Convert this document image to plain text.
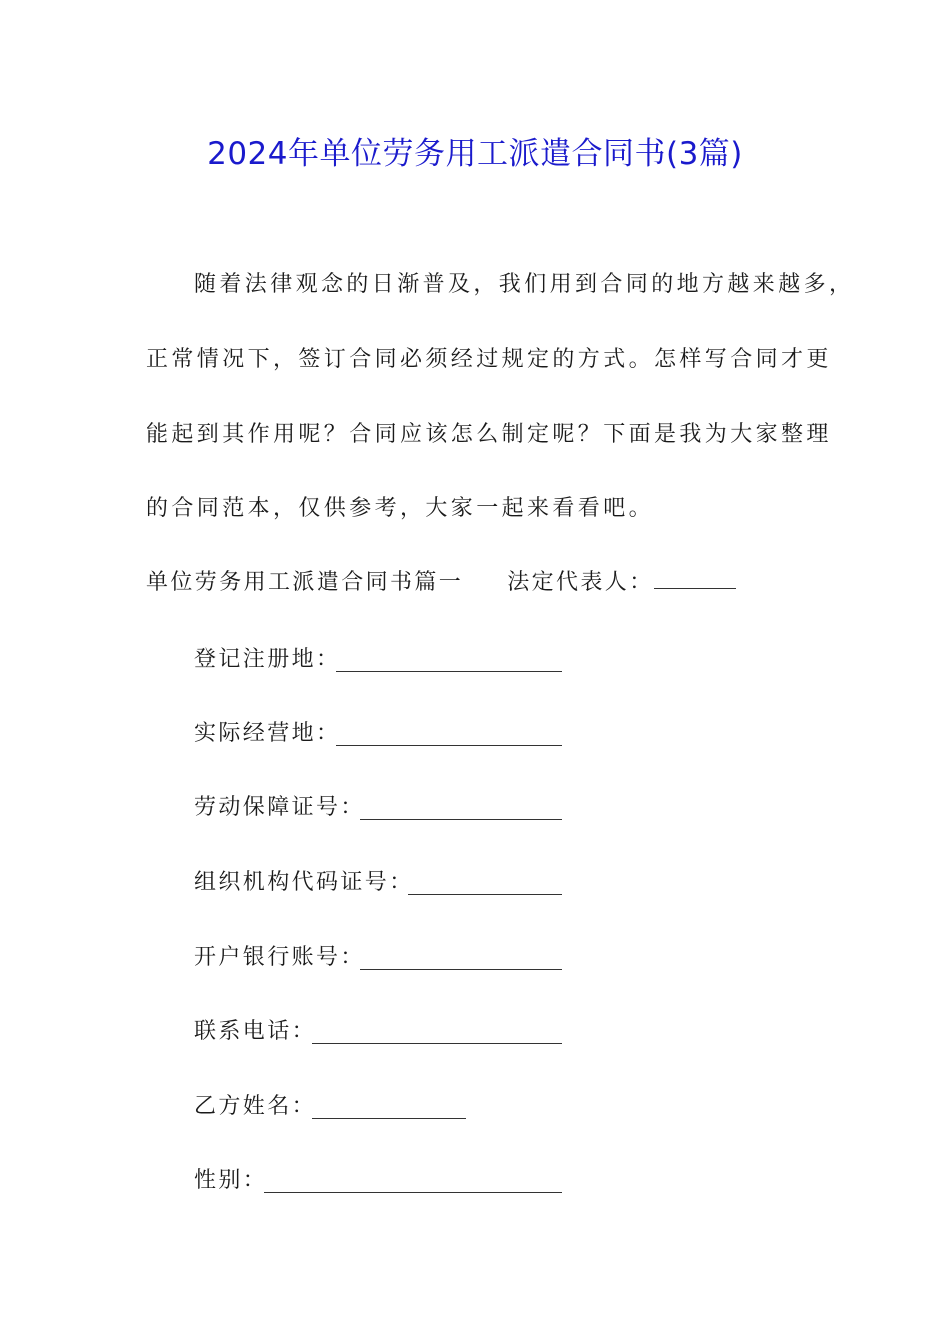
2024年单位劳务用工派遣合同书(3篇)
随着法律观念的日渐普及，我们用到合同的地方越来越多，
正常情况下，签订合同必须经过规定的方式。怎样写合同才更
能起到其作用呢？合同应该怎么制定呢？下面是我为大家整理
的合同范本，仅供参考，大家一起来看看吧。
单位劳务用工派遣合同书篇一 法定代表人：
登记注册地：
实际经营地：
劳动保障证号：
组织机构代码证号：
开户银行账号：
联系电话：
乙方姓名：
性别：
